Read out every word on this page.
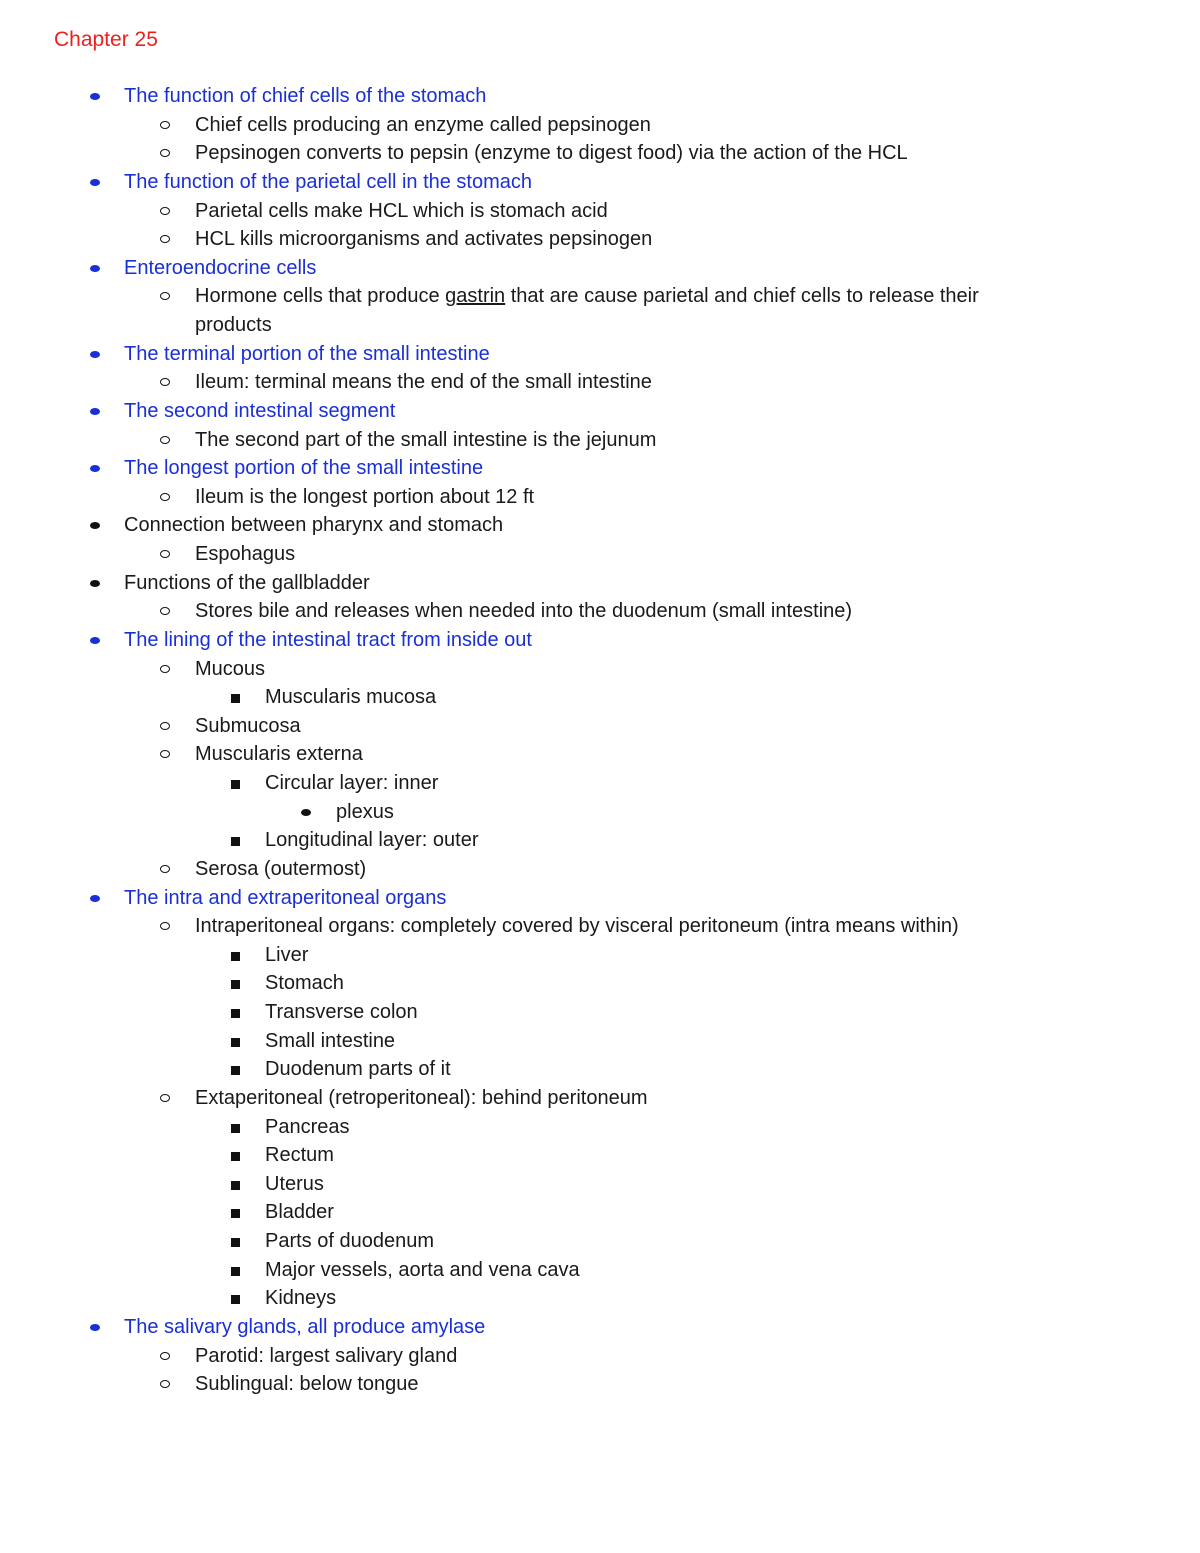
Chapter 25
The function of chief cells of the stomach
Chief cells producing an enzyme called pepsinogen
Pepsinogen converts to pepsin (enzyme to digest food) via the action of the HCL
The function of the parietal cell in the stomach
Parietal cells make HCL which is stomach acid
HCL kills microorganisms and activates pepsinogen
Enteroendocrine cells
Hormone cells that produce gastrin that are cause parietal and chief cells to release their
products
The terminal portion of the small intestine
Ileum: terminal means the end of the small intestine
The second intestinal segment
The second part of the small intestine is the jejunum
The longest portion of the small intestine
Ileum is the longest portion about 12 ft
Connection between pharynx and stomach
Espohagus
Functions of the gallbladder
Stores bile and releases when needed into the duodenum (small intestine)
The lining of the intestinal tract from inside out
Mucous
Muscularis mucosa
Submucosa
Muscularis externa
Circular layer: inner
plexus
Longitudinal layer: outer
Serosa (outermost)
The intra and extraperitoneal organs
Intraperitoneal organs: completely covered by visceral peritoneum (intra means within)
Liver
Stomach
Transverse colon
Small intestine
Duodenum parts of it
Extaperitoneal (retroperitoneal): behind peritoneum
Pancreas
Rectum
Uterus
Bladder
Parts of duodenum
Major vessels, aorta and vena cava
Kidneys
The salivary glands, all produce amylase
Parotid: largest salivary gland
Sublingual: below tongue
